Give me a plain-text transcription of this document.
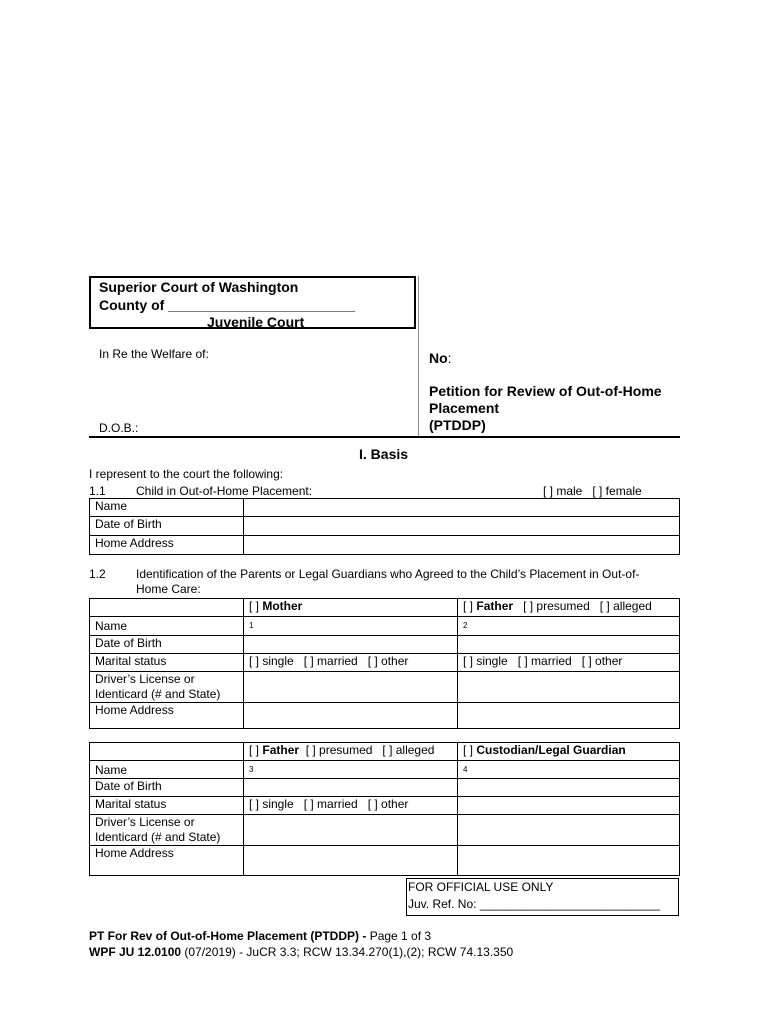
Superior Court of Washington
County of ________________________
Juvenile Court
In Re the Welfare of:
D.O.B.:
No:
Petition for Review of Out-of-Home
Placement
(PTDDP)
I. Basis
I represent to the court the following:
1.1	Child in Out-of-Home Placement:	[ ] male   [ ] female
Name	
Date of Birth	
Home Address	
1.2	Identification of the Parents or Legal Guardians who Agreed to the Child’s Placement in Out-of-
Home Care:
	[ ] Mother	[ ] Father [ ] presumed   [ ] alleged
Name	1	2
Date of Birth		
Marital status	[ ] single   [ ] married   [ ] other	[ ] single   [ ] married   [ ] other

Driver’s License or
Identicard (# and State)		

Home Address		
	[ ] Father [ ] presumed   [ ] alleged	[ ] Custodian/Legal Guardian
Name	3	4
Date of Birth		
Marital status	[ ] single   [ ] married   [ ] other	

Driver’s License or
Identicard (# and State)		

Home Address		
FOR OFFICIAL USE ONLY
Juv. Ref. No: ___________________________
PT For Rev of Out-of-Home Placement (PTDDP) - Page 1 of 3
WPF JU 12.0100 (07/2019) - JuCR 3.3; RCW 13.34.270(1),(2); RCW 74.13.350
